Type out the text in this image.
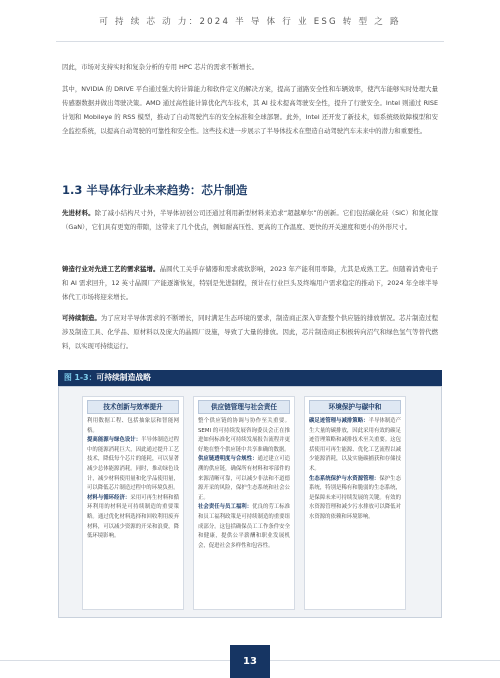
可 持 续 芯 动 力：2024 半 导 体 行 业 ESG 转 型 之 路
因此，市场对支持实时和复杂分析的专用 HPC 芯片的需求不断增长。
其中，NVIDIA 的 DRIVE 平台通过强大的计算能力和软件定义的解决方案，提高了道路安全性和车辆效率，使汽车能够实时处理大量传感器数据并做出驾驶决策。AMD 通过高性能计算优化汽车技术，其 AI 技术提高驾驶安全性，提升了行驶安全。Intel 则通过 RISE 计划和 Mobileye 的 RSS 模型，推动了自动驾驶汽车的安全标准和全球部署。此外，Intel 还开发了新技术，如系统级故障模型和安全监控系统，以提高自动驾驶的可靠性和安全性。这些技术进一步展示了半导体技术在塑造自动驾驶汽车未来中的潜力和重要性。
1.3 半导体行业未来趋势：芯片制造
先进材料。除了减小结构尺寸外，半导体初创公司还通过利用新型材料来追求“超越摩尔”的创新。它们包括碳化硅（SiC）和氮化镓（GaN），它们具有更宽的带隙，这带来了几个优点，例如耐高压性、更高的工作温度、更快的开关速度和更小的外形尺寸。
铸造行业对先进工艺的需求猛增。晶圆代工关乎存储器和需求疲软影响，2023 年产能利用率降，尤其是成熟工艺。但随着消费电子和 AI 需求回升，12 英寸晶圆厂产能逐渐恢复，特别是先进制程，预计在行业巨头及终端用户需求稳定的推动下，2024 年全球半导体代工市场将迎来增长。
可持续制造。为了应对半导体需求的不断增长，同时满足生态环境的要求，制造商正深入审查整个供应链的排放情况。芯片制造过程涉及制造工具、化学品、原材料以及庞大的晶圆厂设施，导致了大量的排放。因此，芯片制造商正积极转向沼气和绿色氢气等替代燃料，以实现可持续运行。
图 1-3：可持续制造战略
技术创新与效率提升
利用数据工程、包括抽象层和智能网格。
提高能源与绿色设计：半导体制造过程中的能源消耗巨大，因此通过提升工艺技术，降低每个芯片的能耗，可以显著减少总体能源消耗。同时，推动绿色设计，减少材料使用量和化学品使用量，可以降低芯片制造过程中的环境负担。
材料与循环经济：采用可再生材料和循环利用的材料是可持续制造的重要策略。通过优化材料选择和回收利用废弃材料，可以减少资源的开采和浪费，降低环境影响。
供应链管理与社会责任
整个供应链的协调与协作至关重要。SEMI 的可持续发展咨询委员会正在推进如何标准化可持续发展报告流程并更好地在整个供应链中共享准确的数据。
供应链透明度与合规性：通过建立可追溯的供应链，确保所有材料和零部件的来源清晰可靠，可以减少非法和不道德源开采的风险，保护生态系统和社会公正。
社会责任与员工福利：优良的劳工标准和员工福利政策是可持续制造的重要组成部分。这包括确保员工工作条件安全和健康，提供公平薪酬和职业发展机会，促进社会多样性和包容性。
环境保护与碳中和
碳足迹管理与减排策略：半导体制造产生大量的碳排放，因此采用有效的碳足迹管理策略和减排技术至关重要。这包括使用可再生能源、优化工艺流程以减少能源消耗，以及实施碳捕获和存储技术。
生态系统保护与水资源管理：保护生态系统，特别是稀有和脆弱的生态系统，是保障未来可持续发展的关键。有效的水资源管理和减少污水排放可以降低对水资源的依赖和环境影响。
13
